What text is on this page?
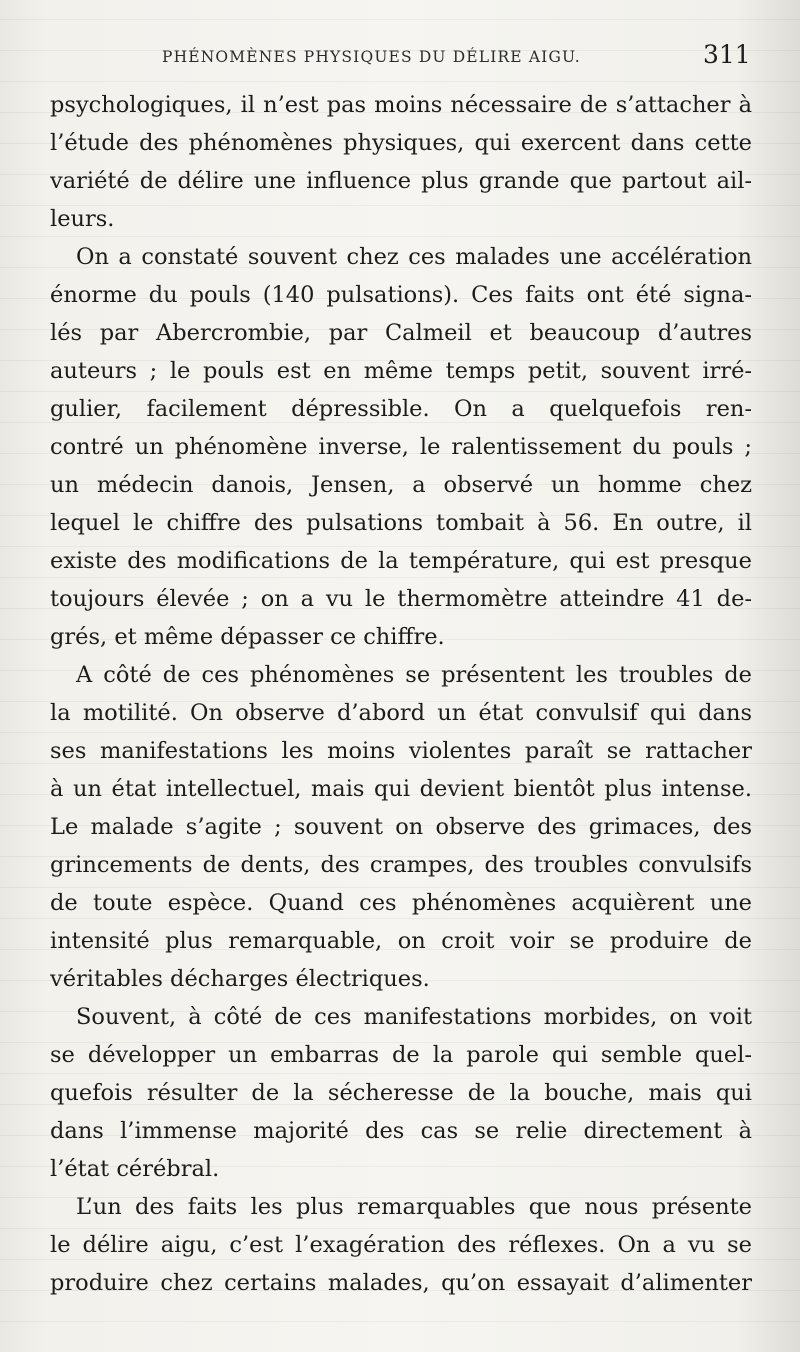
PHÉNOMÈNES PHYSIQUES DU DÉLIRE AIGU.	311
psychologiques, il n’est pas moins nécessaire de s’attacher à
l’étude des phénomènes physiques, qui exercent dans cette
variété de délire une influence plus grande que partout ail-
leurs.
On a constaté souvent chez ces malades une accélération
énorme du pouls (140 pulsations). Ces faits ont été signa-
lés par Abercrombie, par Calmeil et beaucoup d’autres
auteurs ; le pouls est en même temps petit, souvent irré-
gulier, facilement dépressible. On a quelquefois ren-
contré un phénomène inverse, le ralentissement du pouls ;
un médecin danois, Jensen, a observé un homme chez
lequel le chiffre des pulsations tombait à 56. En outre, il
existe des modifications de la température, qui est presque
toujours élevée ; on a vu le thermomètre atteindre 41 de-
grés, et même dépasser ce chiffre.
A côté de ces phénomènes se présentent les troubles de
la motilité. On observe d’abord un état convulsif qui dans
ses manifestations les moins violentes paraît se rattacher
à un état intellectuel, mais qui devient bientôt plus intense.
Le malade s’agite ; souvent on observe des grimaces, des
grincements de dents, des crampes, des troubles convulsifs
de toute espèce. Quand ces phénomènes acquièrent une
intensité plus remarquable, on croit voir se produire de
véritables décharges électriques.
Souvent, à côté de ces manifestations morbides, on voit
se développer un embarras de la parole qui semble quel-
quefois résulter de la sécheresse de la bouche, mais qui
dans l’immense majorité des cas se relie directement à
l’état cérébral.
L’un des faits les plus remarquables que nous présente
le délire aigu, c’est l’exagération des réflexes. On a vu se
produire chez certains malades, qu’on essayait d’alimenter
